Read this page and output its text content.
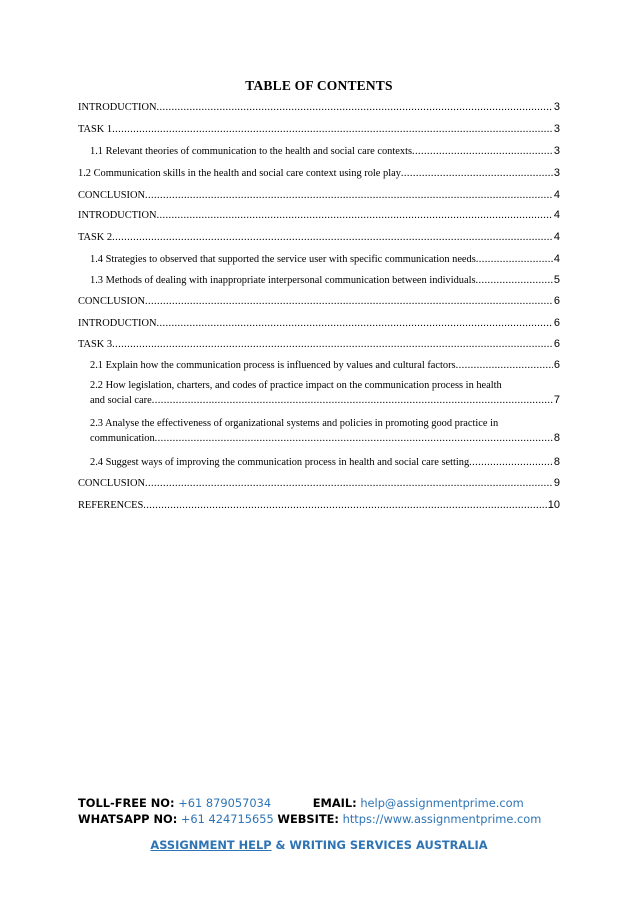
TABLE OF CONTENTS
INTRODUCTION .....	3
TASK 1 .....	3
1.1 Relevant theories of communication to the health and social care contexts .....	3
1.2 Communication skills in the health and social care context using role play .....	3
CONCLUSION .....	4
INTRODUCTION .....	4
TASK 2 .....	4
1.4 Strategies to observed that supported the service user with specific communication needs .....	4
1.3 Methods of dealing with inappropriate interpersonal communication between individuals .....	5
CONCLUSION .....	6
INTRODUCTION .....	6
TASK 3 .....	6
2.1 Explain how the communication process is influenced by values and cultural factors .....	6
2.2 How legislation, charters, and codes of practice impact on the communication process in health
and social care .....	7
2.3 Analyse the effectiveness of organizational systems and policies in promoting good practice in
communication .....	8
2.4 Suggest ways of improving the communication process in health and social care setting .....	8
CONCLUSION .....	9
REFERENCES .....	10
TOLL-FREE NO: +61 879057034	EMAIL: help@assignmentprime.com
WHATSAPP NO: +61 424715655 WEBSITE: https://www.assignmentprime.com
ASSIGNMENT HELP & WRITING SERVICES AUSTRALIA
